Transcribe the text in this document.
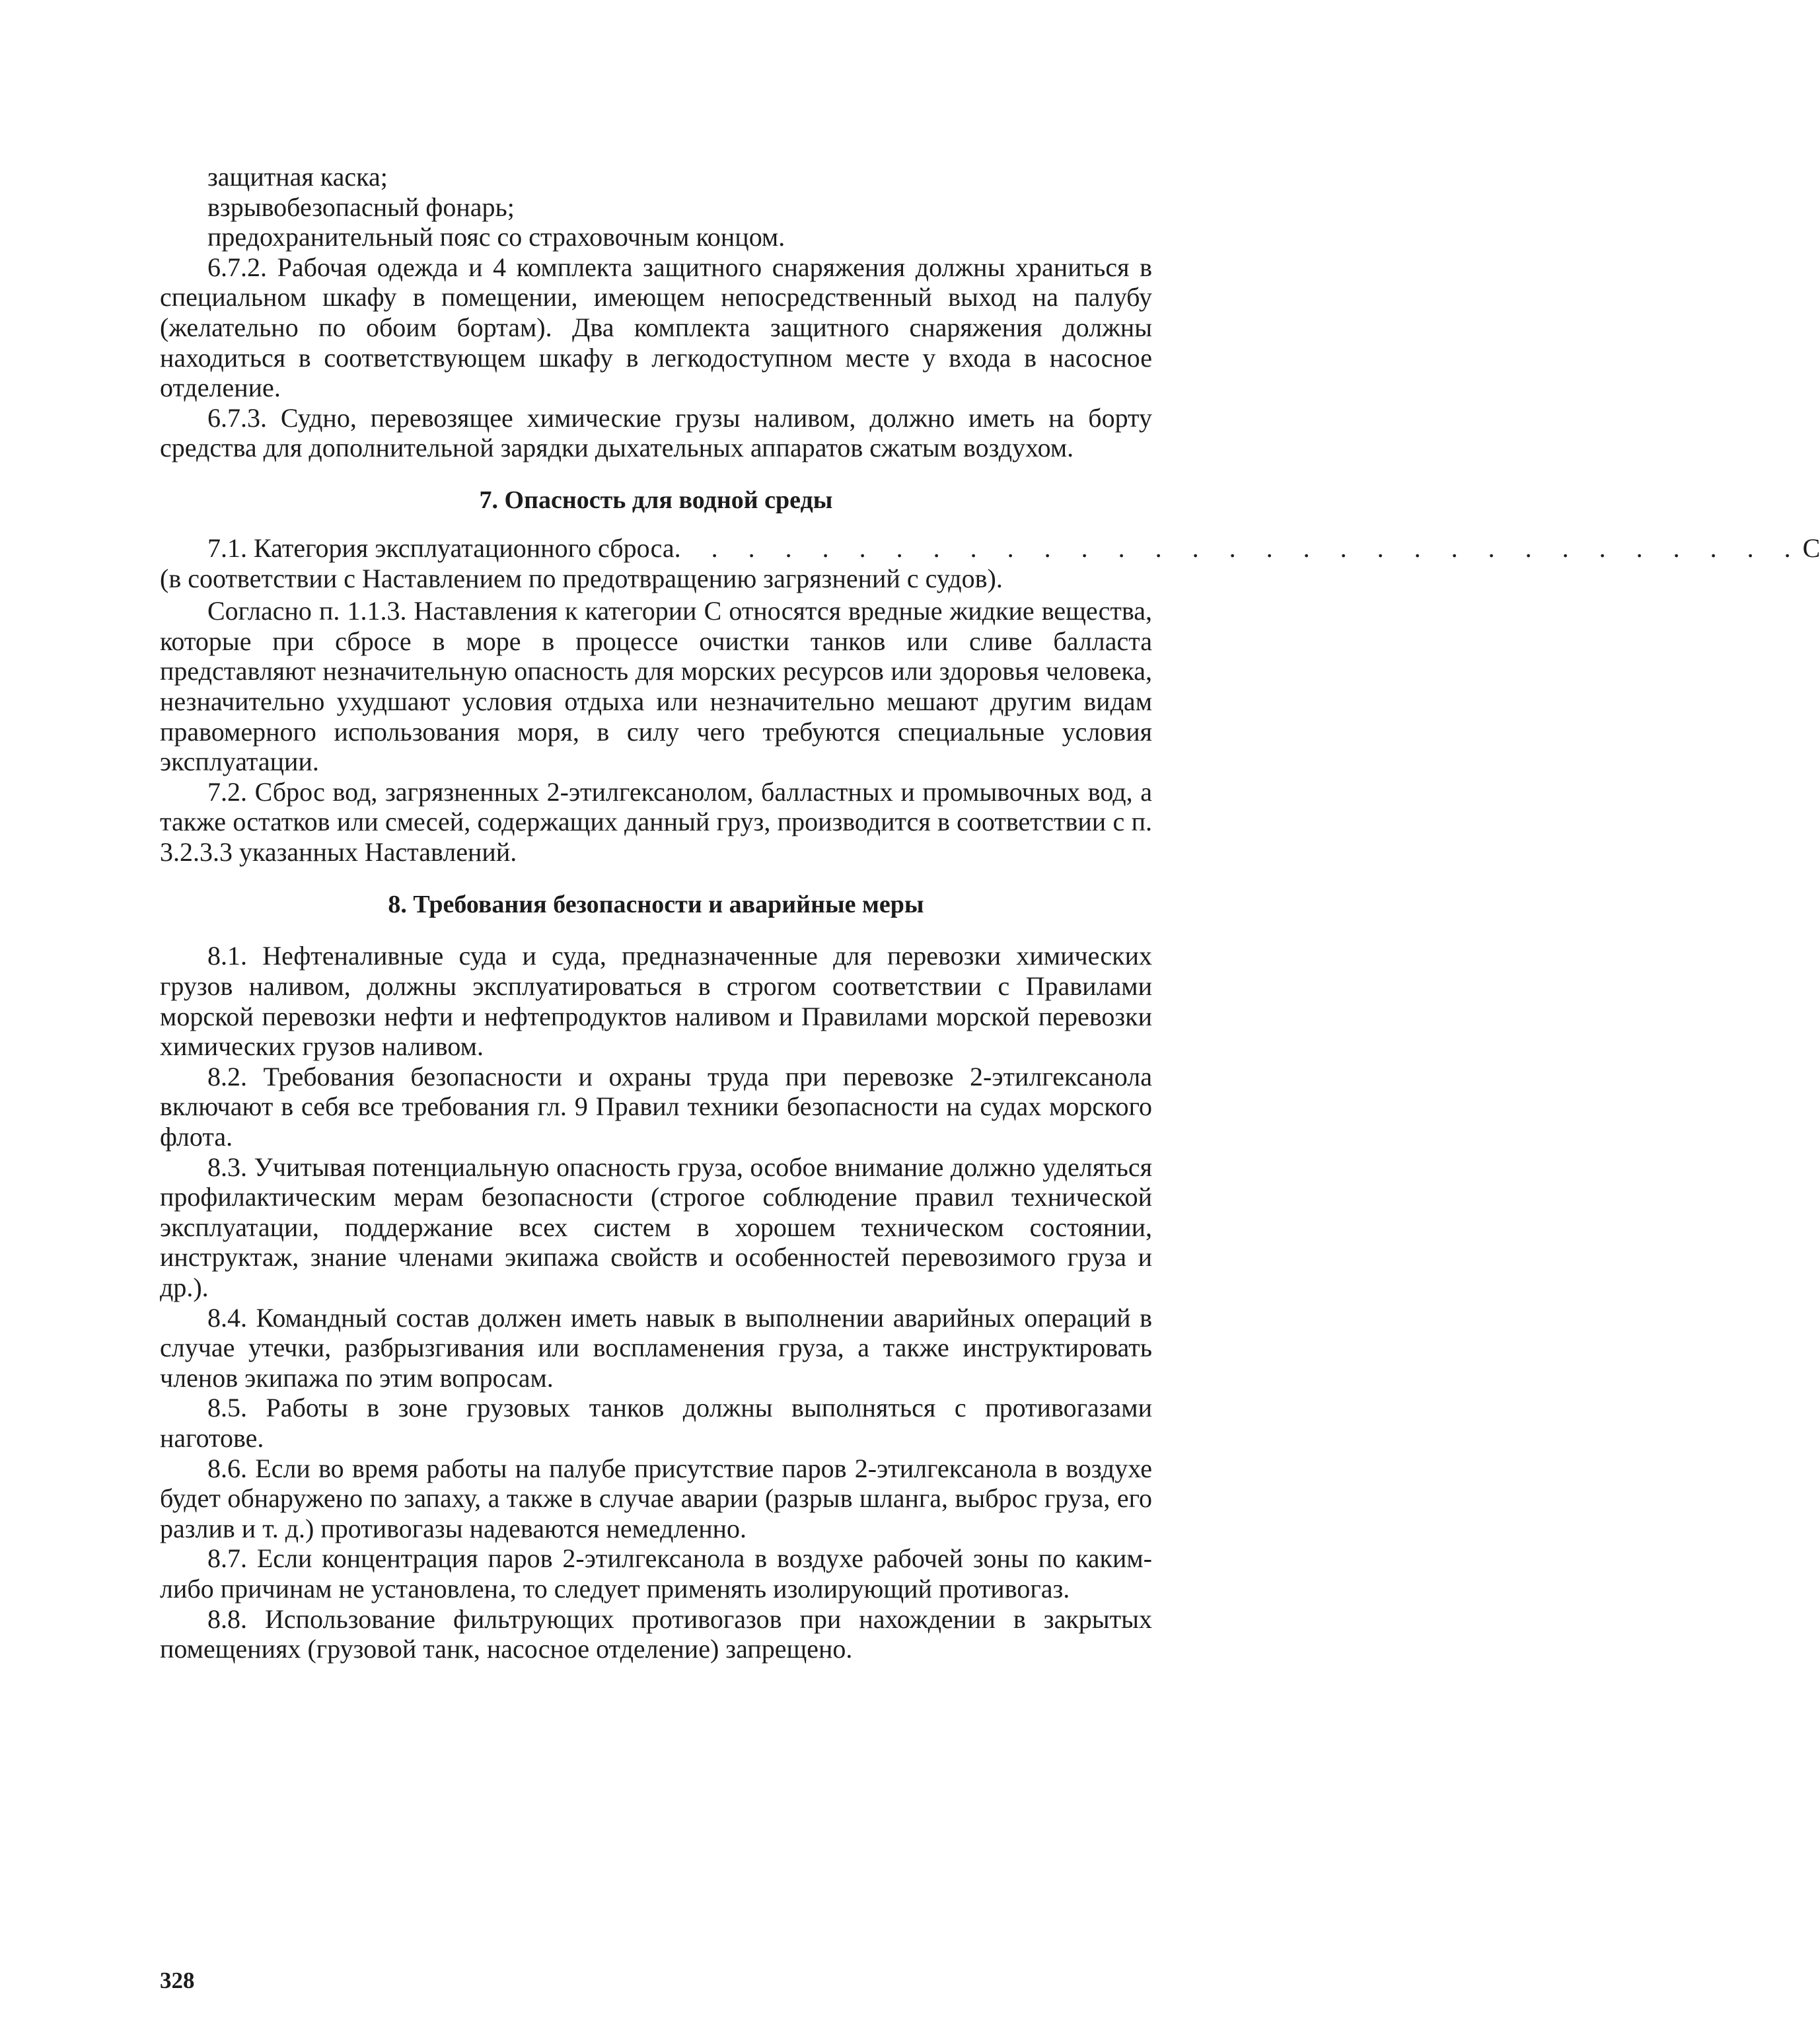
защитная каска;

взрывобезопасный фонарь;

предохранительный пояс со страховочным концом.

6.7.2. Рабочая одежда и 4 комплекта защитного снаряжения должны храниться в специальном шкафу в помещении, имеющем непосредственный выход на палубу (желательно по обоим бортам). Два комплекта защитного снаряжения должны находиться в соответствующем шкафу в легкодоступном месте у входа в насосное отделение.

6.7.3. Судно, перевозящее химические грузы наливом, должно иметь на борту средства для дополнительной зарядки дыхательных аппаратов сжатым воздухом.

7. Опасность для водной среды
7.1. Категория эксплуатационного сброса . . . . . . . . . . . . . . . . . . . . . . . . . . . . . . . С

(в соответствии с Наставлением по предотвращению загрязнений с судов).

Согласно п. 1.1.3. Наставления к категории С относятся вредные жидкие вещества, которые при сбросе в море в процессе очистки танков или сливе балласта представляют незначительную опасность для морских ресурсов или здоровья человека, незначительно ухудшают условия отдыха или незначительно мешают другим видам правомерного использования моря, в силу чего требуются специальные условия эксплуатации.

7.2. Сброс вод, загрязненных 2-этилгексанолом, балластных и промывочных вод, а также остатков или смесей, содержащих данный груз, производится в соответствии с п. 3.2.3.3 указанных Наставлений.

8. Требования безопасности и аварийные меры

8.1. Нефтеналивные суда и суда, предназначенные для перевозки химических грузов наливом, должны эксплуатироваться в строгом соответствии с Правилами морской перевозки нефти и нефтепродуктов наливом и Правилами морской перевозки химических грузов наливом.

8.2. Требования безопасности и охраны труда при перевозке 2-этилгексанола включают в себя все требования гл. 9 Правил техники безопасности на судах морского флота.

8.3. Учитывая потенциальную опасность груза, особое внимание должно уделяться профилактическим мерам безопасности (строгое соблюдение правил технической эксплуатации, поддержание всех систем в хорошем техническом состоянии, инструктаж, знание членами экипажа свойств и особенностей перевозимого груза и др.).

8.4. Командный состав должен иметь навык в выполнении аварийных операций в случае утечки, разбрызгивания или воспламенения груза, а также инструктировать членов экипажа по этим вопросам.

8.5. Работы в зоне грузовых танков должны выполняться с противогазами наготове.

8.6. Если во время работы на палубе присутствие паров 2-этилгексанола в воздухе будет обнаружено по запаху, а также в случае аварии (разрыв шланга, выброс груза, его разлив и т. д.) противогазы надеваются немедленно.

8.7. Если концентрация паров 2-этилгексанола в воздухе рабочей зоны по каким-либо причинам не установлена, то следует применять изолирующий противогаз.

8.8. Использование фильтрующих противогазов при нахождении в закрытых помещениях (грузовой танк, насосное отделение) запрещено.

328
